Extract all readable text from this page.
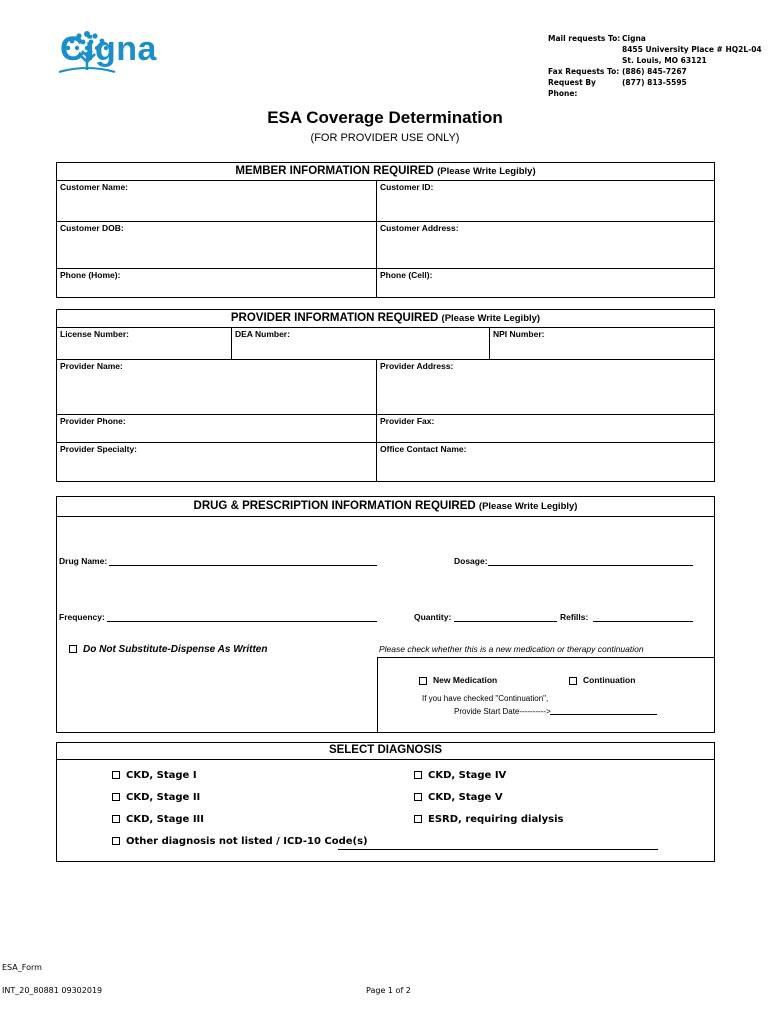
Cigna	Mail requests To: Cigna
8455 University Place # HQ2L-04
St. Louis, MO 63121
Fax Requests To: (886) 845-7267
Request By Phone:
(877) 813-5595
ESA Coverage Determination
(FOR PROVIDER USE ONLY)
MEMBER INFORMATION REQUIRED (Please Write Legibly)
Customer Name:	Customer ID:
Customer DOB:	Customer Address:
Phone (Home):	Phone (Cell):
PROVIDER INFORMATION REQUIRED (Please Write Legibly)
License Number:	DEA Number:	NPI Number:
Provider Name:	Provider Address:
Provider Phone:	Provider Fax:
Provider Specialty:	Office Contact Name:
DRUG & PRESCRIPTION INFORMATION REQUIRED (Please Write Legibly)
Drug Name:	Dosage:
Frequency:	Quantity:	Refills:
Do Not Substitute-Dispense As Written	Please check whether this is a new medication or therapy continuation
New Medication	Continuation
If you have checked "Continuation",
Provide Start Date---------->
SELECT DIAGNOSIS
CKD, Stage I
CKD, Stage II
CKD, Stage III
CKD, Stage IV
CKD, Stage V
ESRD, requiring dialysis
Other diagnosis not listed / ICD-10 Code(s)
ESA_Form
INT_20_80881 09302019	Page 1 of 2
